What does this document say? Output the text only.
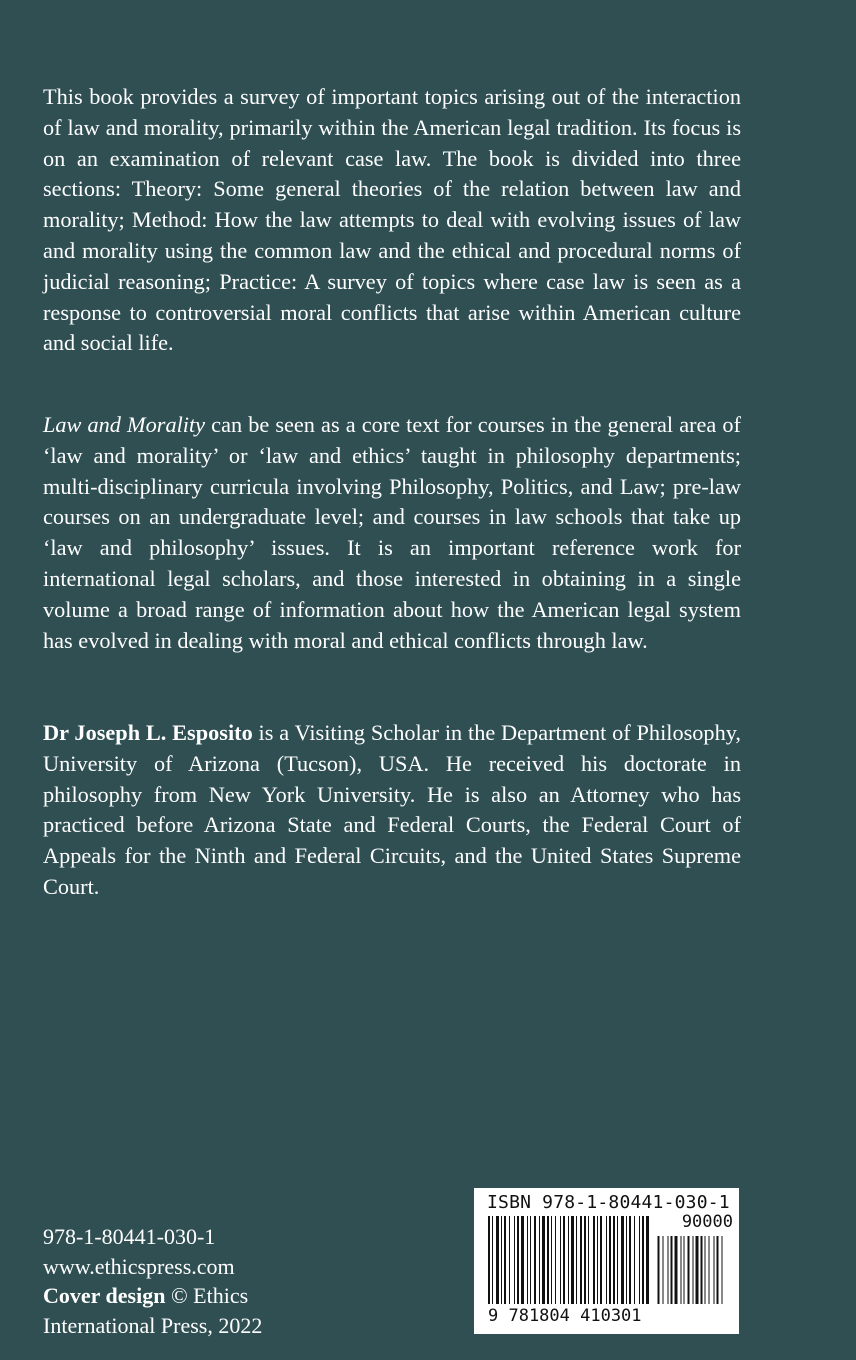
This book provides a survey of important topics arising out of the interaction of law and morality, primarily within the American legal tradition. Its focus is on an examination of relevant case law. The book is divided into three sections: Theory: Some general theories of the relation between law and morality; Method: How the law attempts to deal with evolving issues of law and morality using the common law and the ethical and procedural norms of judicial reasoning; Practice: A survey of topics where case law is seen as a response to controversial moral conflicts that arise within American culture and social life.

Law and Morality can be seen as a core text for courses in the general area of ‘law and morality’ or ‘law and ethics’ taught in philosophy departments; multi-disciplinary curricula involving Philosophy, Politics, and Law; pre-law courses on an undergraduate level; and courses in law schools that take up ‘law and philosophy’ issues. It is an important reference work for international legal scholars, and those interested in obtaining in a single volume a broad range of information about how the American legal system has evolved in dealing with moral and ethical conflicts through law.

Dr Joseph L. Esposito is a Visiting Scholar in the Department of Philosophy, University of Arizona (Tucson), USA. He received his doctorate in philosophy from New York University. He is also an Attorney who has practiced before Arizona State and Federal Courts, the Federal Court of Appeals for the Ninth and Federal Circuits, and the United States Supreme Court.

978-1-80441-030-1
www.ethicspress.com
Cover design © Ethics International Press, 2022
ISBN 978-1-80441-030-1
90000
9 781804 410301
